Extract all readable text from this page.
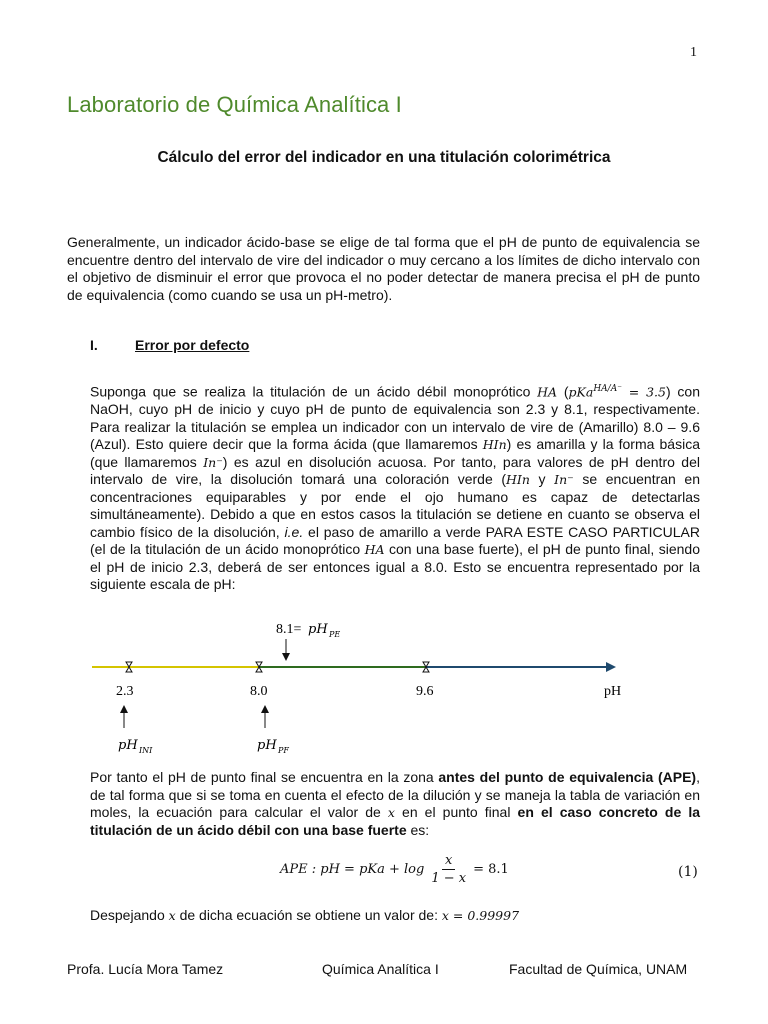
1
Laboratorio de Química Analítica I
Cálculo del error del indicador en una titulación colorimétrica
Generalmente, un indicador ácido-base se elige de tal forma que el pH de punto de equivalencia se encuentre dentro del intervalo de vire del indicador o muy cercano a los límites de dicho intervalo con el objetivo de disminuir el error que provoca el no poder detectar de manera precisa el pH de punto de equivalencia (como cuando se usa un pH-metro).
I.	Error por defecto
Suponga que se realiza la titulación de un ácido débil monoprótico HA (pKa$^{HA/A^-}$ = 3.5) con NaOH, cuyo pH de inicio y cuyo pH de punto de equivalencia son 2.3 y 8.1, respectivamente. Para realizar la titulación se emplea un indicador con un intervalo de vire de (Amarillo) 8.0 – 9.6 (Azul). Esto quiere decir que la forma ácida (que llamaremos HIn) es amarilla y la forma básica (que llamaremos In⁻) es azul en disolución acuosa. Por tanto, para valores de pH dentro del intervalo de vire, la disolución tomará una coloración verde (HIn y In⁻ se encuentran en concentraciones equiparables y por ende el ojo humano es capaz de detectarlas simultáneamente). Debido a que en estos casos la titulación se detiene en cuanto se observa el cambio físico de la disolución, i.e. el paso de amarillo a verde PARA ESTE CASO PARTICULAR (el de la titulación de un ácido monoprótico HA con una base fuerte), el pH de punto final, siendo el pH de inicio 2.3, deberá de ser entonces igual a 8.0. Esto se encuentra representado por la siguiente escala de pH:
8.1= pH PE
2.3	8.0	9.6	pH
pH INI	pH PF
Por tanto el pH de punto final se encuentra en la zona antes del punto de equivalencia (APE), de tal forma que si se toma en cuenta el efecto de la dilución y se maneja la tabla de variación en moles, la ecuación para calcular el valor de x en el punto final en el caso concreto de la titulación de un ácido débil con una base fuerte es:
APE : pH = pKa + $\log \frac{x}{1 - x} = 8.1$	(1)
Despejando x de dicha ecuación se obtiene un valor de: x = 0.99997
Profa. Lucía Mora Tamez	Química Analítica I	Facultad de Química, UNAM
